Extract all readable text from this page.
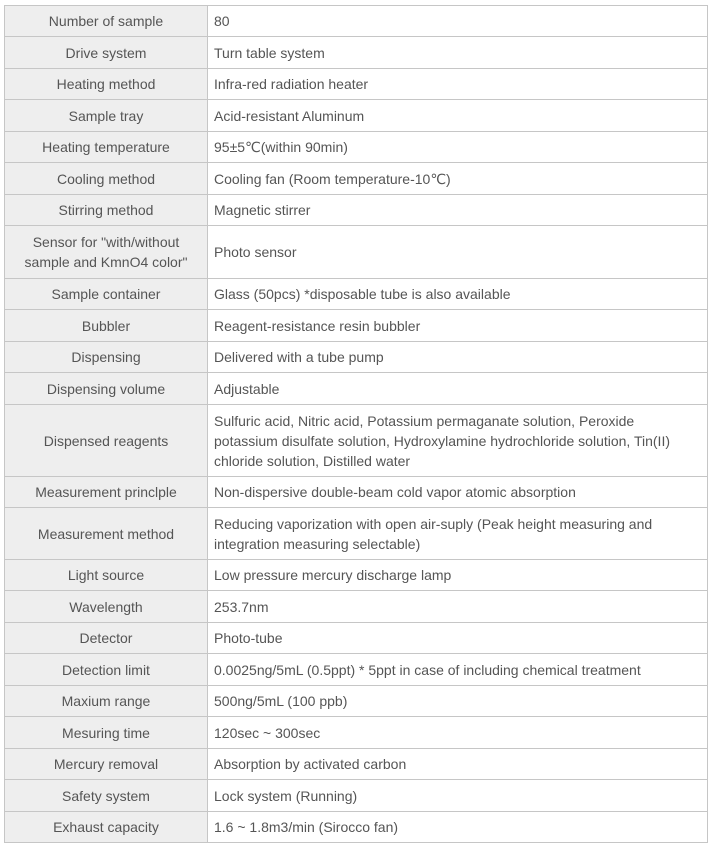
Number of sample	80
Drive system	Turn table system
Heating method	Infra-red radiation heater
Sample tray	Acid-resistant Aluminum
Heating temperature	95±5℃(within 90min)
Cooling method	Cooling fan (Room temperature-10℃)
Stirring method	Magnetic stirrer
Sensor for "with/without sample and KmnO4 color"	Photo sensor
Sample container	Glass (50pcs) *disposable tube is also available
Bubbler	Reagent-resistance resin bubbler
Dispensing	Delivered with a tube pump
Dispensing volume	Adjustable
Dispensed reagents	Sulfuric acid, Nitric acid, Potassium permaganate solution, Peroxide potassium disulfate solution, Hydroxylamine hydrochloride solution, Tin(II) chloride solution, Distilled water
Measurement princlple	Non-dispersive double-beam cold vapor atomic absorption
Measurement method	Reducing vaporization with open air-suply (Peak height measuring and integration measuring selectable)
Light source	Low pressure mercury discharge lamp
Wavelength	253.7nm
Detector	Photo-tube
Detection limit	0.0025ng/5mL (0.5ppt) * 5ppt in case of including chemical treatment
Maxium range	500ng/5mL (100 ppb)
Mesuring time	120sec ~ 300sec
Mercury removal	Absorption by activated carbon
Safety system	Lock system (Running)
Exhaust capacity	1.6 ~ 1.8m3/min (Sirocco fan)
